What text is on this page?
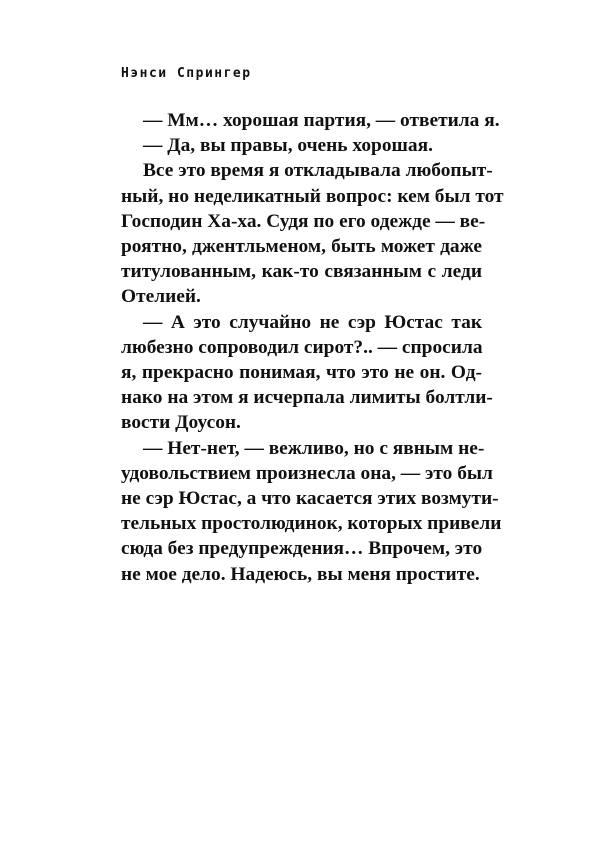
Нэнси Спрингер

— Мм… хорошая партия, — ответила я.

— Да, вы правы, очень хорошая.

Все это время я откладывала любопыт-
ный, но неделикатный вопрос: кем был тот
Господин Ха-ха. Судя по его одежде — ве-
роятно, джентльменом, быть может даже
титулованным, как-то связанным с леди
Отелией.

— А это случайно не сэр Юстас так
любезно сопроводил сирот?.. — спросила
я, прекрасно понимая, что это не он. Од-
нако на этом я исчерпала лимиты болтли-
вости Доусон.

— Нет-нет, — вежливо, но с явным не-
удовольствием произнесла она, — это был
не сэр Юстас, а что касается этих возмути-
тельных простолюдинок, которых привели
сюда без предупреждения… Впрочем, это
не мое дело. Надеюсь, вы меня простите.
